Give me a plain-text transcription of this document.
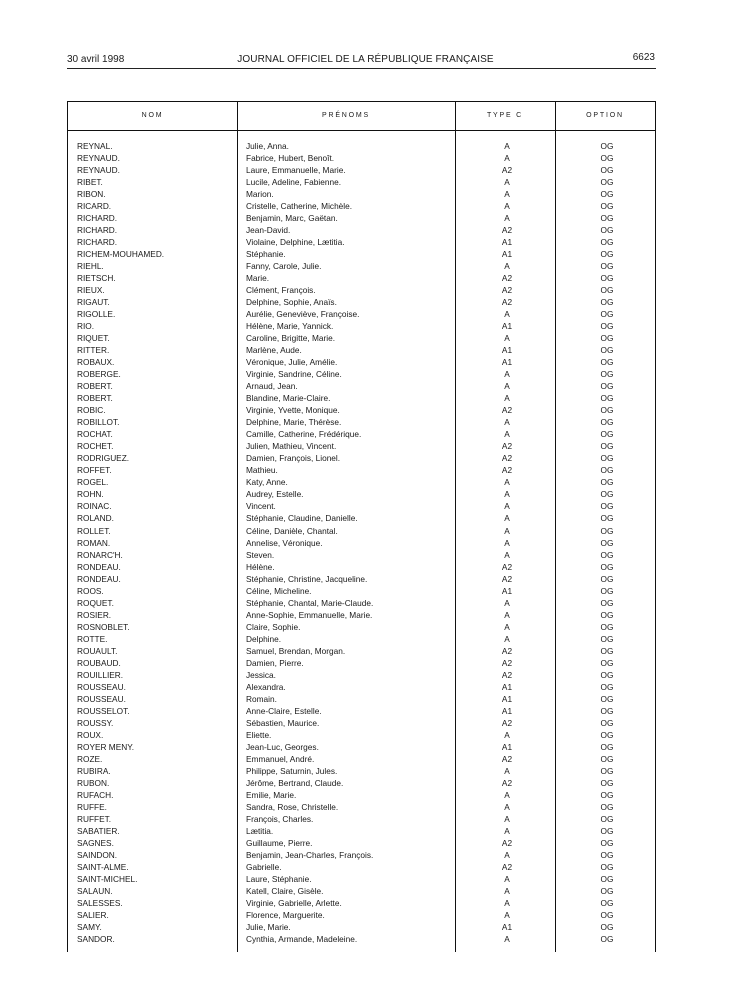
30 avril 1998	JOURNAL OFFICIEL DE LA RÉPUBLIQUE FRANÇAISE	6623
NOM	PRÉNOMS	TYPE C	OPTION
REYNAL.	Julie, Anna.	A	OG
REYNAUD.	Fabrice, Hubert, Benoît.	A	OG
REYNAUD.	Laure, Emmanuelle, Marie.	A2	OG
RIBET.	Lucile, Adeline, Fabienne.	A	OG
RIBON.	Marion.	A	OG
RICARD.	Cristelle, Catherine, Michèle.	A	OG
RICHARD.	Benjamin, Marc, Gaëtan.	A	OG
RICHARD.	Jean-David.	A2	OG
RICHARD.	Violaine, Delphine, Lætitia.	A1	OG
RICHEM-MOUHAMED.	Stéphanie.	A1	OG
RIEHL.	Fanny, Carole, Julie.	A	OG
RIETSCH.	Marie.	A2	OG
RIEUX.	Clément, François.	A2	OG
RIGAUT.	Delphine, Sophie, Anaïs.	A2	OG
RIGOLLE.	Aurélie, Geneviève, Françoise.	A	OG
RIO.	Hélène, Marie, Yannick.	A1	OG
RIQUET.	Caroline, Brigitte, Marie.	A	OG
RITTER.	Marlène, Aude.	A1	OG
ROBAUX.	Véronique, Julie, Amélie.	A1	OG
ROBERGE.	Virginie, Sandrine, Céline.	A	OG
ROBERT.	Arnaud, Jean.	A	OG
ROBERT.	Blandine, Marie-Claire.	A	OG
ROBIC.	Virginie, Yvette, Monique.	A2	OG
ROBILLOT.	Delphine, Marie, Thérèse.	A	OG
ROCHAT.	Camille, Catherine, Frédérique.	A	OG
ROCHET.	Julien, Mathieu, Vincent.	A2	OG
RODRIGUEZ.	Damien, François, Lionel.	A2	OG
ROFFET.	Mathieu.	A2	OG
ROGEL.	Katy, Anne.	A	OG
ROHN.	Audrey, Estelle.	A	OG
ROINAC.	Vincent.	A	OG
ROLAND.	Stéphanie, Claudine, Danielle.	A	OG
ROLLET.	Céline, Danièle, Chantal.	A	OG
ROMAN.	Annelise, Véronique.	A	OG
RONARC'H.	Steven.	A	OG
RONDEAU.	Hélène.	A2	OG
RONDEAU.	Stéphanie, Christine, Jacqueline.	A2	OG
ROOS.	Céline, Micheline.	A1	OG
ROQUET.	Stéphanie, Chantal, Marie-Claude.	A	OG
ROSIER.	Anne-Sophie, Emmanuelle, Marie.	A	OG
ROSNOBLET.	Claire, Sophie.	A	OG
ROTTE.	Delphine.	A	OG
ROUAULT.	Samuel, Brendan, Morgan.	A2	OG
ROUBAUD.	Damien, Pierre.	A2	OG
ROUILLIER.	Jessica.	A2	OG
ROUSSEAU.	Alexandra.	A1	OG
ROUSSEAU.	Romain.	A1	OG
ROUSSELOT.	Anne-Claire, Estelle.	A1	OG
ROUSSY.	Sébastien, Maurice.	A2	OG
ROUX.	Eliette.	A	OG
ROYER MENY.	Jean-Luc, Georges.	A1	OG
ROZE.	Emmanuel, André.	A2	OG
RUBIRA.	Philippe, Saturnin, Jules.	A	OG
RUBON.	Jérôme, Bertrand, Claude.	A2	OG
RUFACH.	Emilie, Marie.	A	OG
RUFFE.	Sandra, Rose, Christelle.	A	OG
RUFFET.	François, Charles.	A	OG
SABATIER.	Lætitia.	A	OG
SAGNES.	Guillaume, Pierre.	A2	OG
SAINDON.	Benjamin, Jean-Charles, François.	A	OG
SAINT-ALME.	Gabrielle.	A2	OG
SAINT-MICHEL.	Laure, Stéphanie.	A	OG
SALAUN.	Katell, Claire, Gisèle.	A	OG
SALESSES.	Virginie, Gabrielle, Arlette.	A	OG
SALIER.	Florence, Marguerite.	A	OG
SAMY.	Julie, Marie.	A1	OG
SANDOR.	Cynthia, Armande, Madeleine.	A	OG
